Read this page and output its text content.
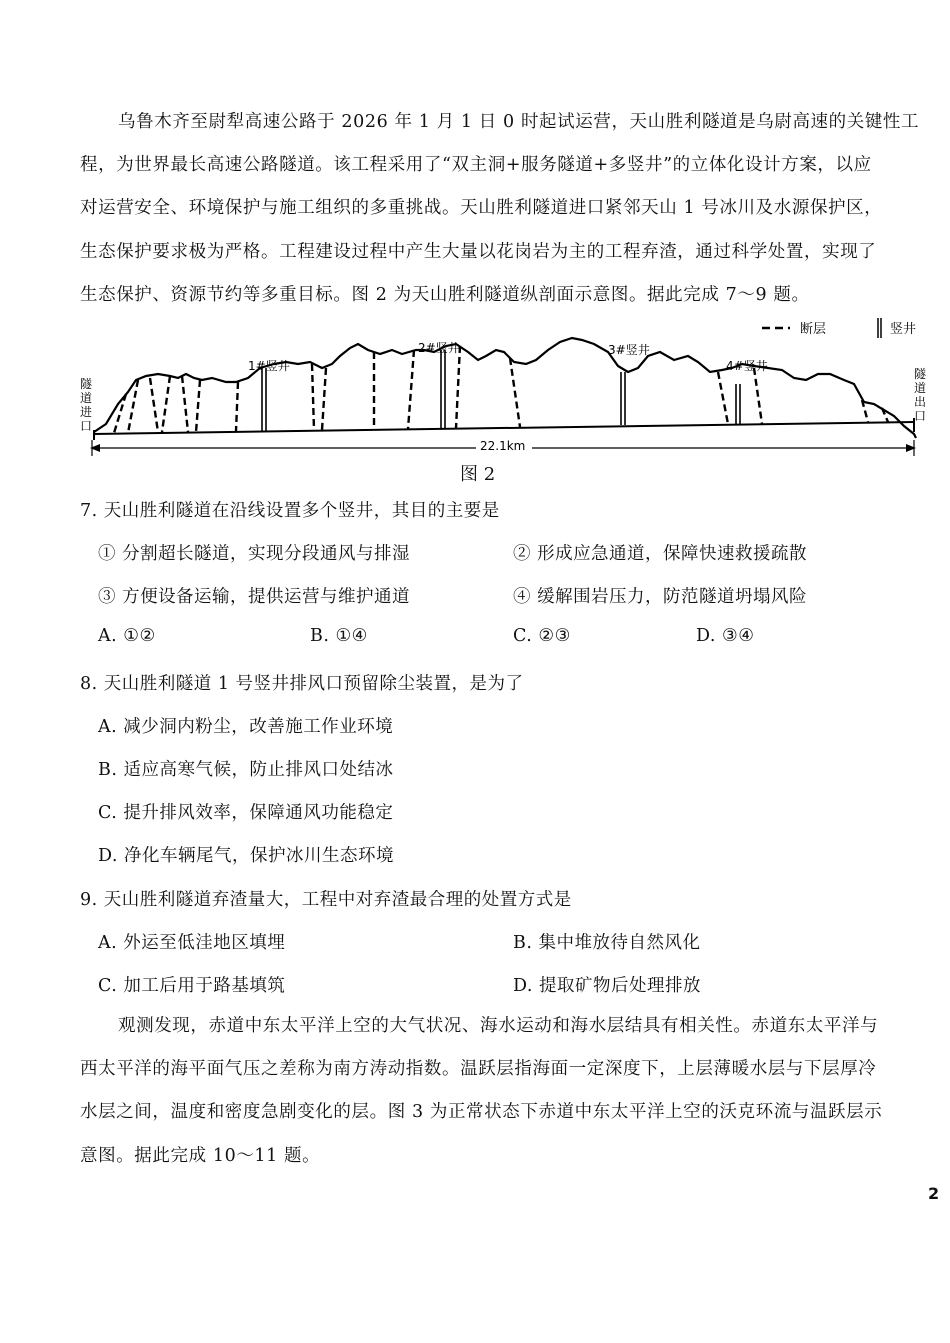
乌鲁木齐至尉犁高速公路于 2026 年 1 月 1 日 0 时起试运营，天山胜利隧道是乌尉高速的关键性工
程，为世界最长高速公路隧道。该工程采用了“双主洞+服务隧道+多竖井”的立体化设计方案，以应
对运营安全、环境保护与施工组织的多重挑战。天山胜利隧道进口紧邻天山 1 号冰川及水源保护区，
生态保护要求极为严格。工程建设过程中产生大量以花岗岩为主的工程弃渣，通过科学处置，实现了
生态保护、资源节约等多重目标。图 2 为天山胜利隧道纵剖面示意图。据此完成 7～9 题。
断层	竖井
1#竖井
2#竖井	3#竖井
4#竖井
隧
道
进
口
隧
道
出
口
22.1km
图 2
7. 天山胜利隧道在沿线设置多个竖井，其目的主要是
① 分割超长隧道，实现分段通风与排湿	② 形成应急通道，保障快速救援疏散
③ 方便设备运输，提供运营与维护通道	④ 缓解围岩压力，防范隧道坍塌风险
A. ①②	B. ①④	C. ②③	D. ③④
8. 天山胜利隧道 1 号竖井排风口预留除尘装置，是为了
A. 减少洞内粉尘，改善施工作业环境
B. 适应高寒气候，防止排风口处结冰
C. 提升排风效率，保障通风功能稳定
D. 净化车辆尾气，保护冰川生态环境
9. 天山胜利隧道弃渣量大，工程中对弃渣最合理的处置方式是
A. 外运至低洼地区填埋	B. 集中堆放待自然风化
C. 加工后用于路基填筑	D. 提取矿物后处理排放
观测发现，赤道中东太平洋上空的大气状况、海水运动和海水层结具有相关性。赤道东太平洋与
西太平洋的海平面气压之差称为南方涛动指数。温跃层指海面一定深度下，上层薄暖水层与下层厚冷
水层之间，温度和密度急剧变化的层。图 3 为正常状态下赤道中东太平洋上空的沃克环流与温跃层示
意图。据此完成 10～11 题。
2
